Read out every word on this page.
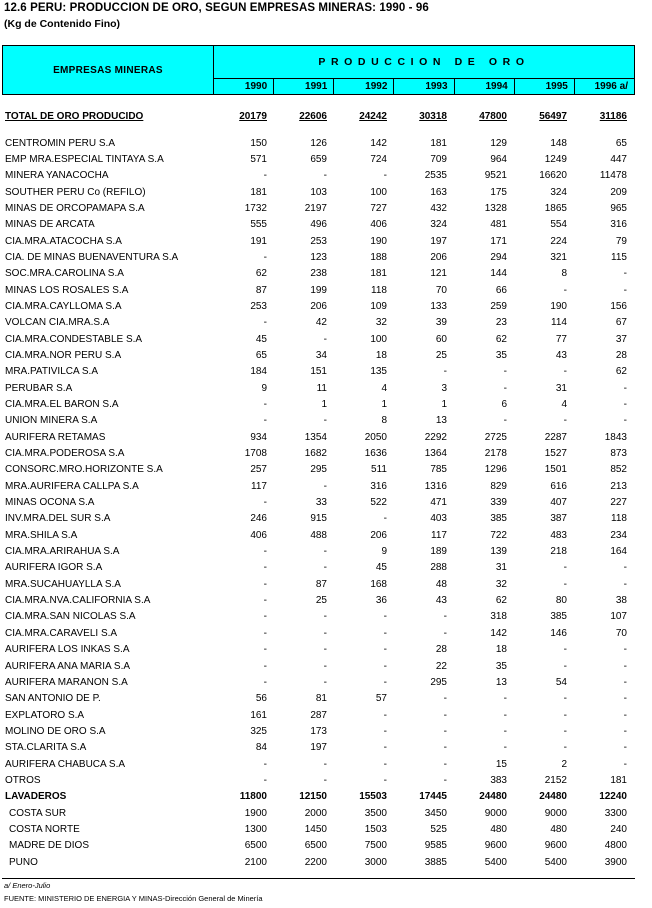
12.6 PERU: PRODUCCION DE ORO, SEGUN EMPRESAS MINERAS: 1990 - 96
(Kg de Contenido Fino)
EMPRESAS MINERAS
PRODUCCION DE ORO
1990	1991	1992	1993	1994	1995	1996 a/
TOTAL DE ORO PRODUCIDO	20179	22606	24242	30318	47800	56497	31186

CENTROMIN PERU S.A	150	126	142	181	129	148	65
EMP MRA.ESPECIAL TINTAYA S.A	571	659	724	709	964	1249	447
MINERA YANACOCHA	-	-	-	2535	9521	16620	11478
SOUTHER PERU Co (REFILO)	181	103	100	163	175	324	209
MINAS DE ORCOPAMAPA S.A	1732	2197	727	432	1328	1865	965
MINAS DE ARCATA	555	496	406	324	481	554	316
CIA.MRA.ATACOCHA S.A	191	253	190	197	171	224	79
CIA. DE MINAS BUENAVENTURA S.A	-	123	188	206	294	321	115
SOC.MRA.CAROLINA S.A	62	238	181	121	144	8	-
MINAS LOS ROSALES S.A	87	199	118	70	66	-	-
CIA.MRA.CAYLLOMA S.A	253	206	109	133	259	190	156
VOLCAN CIA.MRA.S.A	-	42	32	39	23	114	67
CIA.MRA.CONDESTABLE S.A	45	-	100	60	62	77	37
CIA.MRA.NOR PERU S.A	65	34	18	25	35	43	28
MRA.PATIVILCA S.A	184	151	135	-	-	-	62
PERUBAR S.A	9	11	4	3	-	31	-
CIA.MRA.EL BARON S.A	-	1	1	1	6	4	-
UNION MINERA S.A	-	-	8	13	-	-	-
AURIFERA RETAMAS	934	1354	2050	2292	2725	2287	1843
CIA.MRA.PODEROSA S.A	1708	1682	1636	1364	2178	1527	873
CONSORC.MRO.HORIZONTE S.A	257	295	511	785	1296	1501	852
MRA.AURIFERA CALLPA S.A	117	-	316	1316	829	616	213
MINAS OCONA S.A	-	33	522	471	339	407	227
INV.MRA.DEL SUR S.A	246	915	-	403	385	387	118
MRA.SHILA S.A	406	488	206	117	722	483	234
CIA.MRA.ARIRAHUA S.A	-	-	9	189	139	218	164
AURIFERA IGOR S.A	-	-	45	288	31	-	-
MRA.SUCAHUAYLLA S.A	-	87	168	48	32	-	-
CIA.MRA.NVA.CALIFORNIA S.A	-	25	36	43	62	80	38
CIA.MRA.SAN NICOLAS S.A	-	-	-	-	318	385	107
CIA.MRA.CARAVELI S.A	-	-	-	-	142	146	70
AURIFERA LOS INKAS S.A	-	-	-	28	18	-	-
AURIFERA ANA MARIA S.A	-	-	-	22	35	-	-
AURIFERA MARANON S.A	-	-	-	295	13	54	-
SAN ANTONIO DE P.	56	81	57	-	-	-	-
EXPLATORO S.A	161	287	-	-	-	-	-
MOLINO DE ORO S.A	325	173	-	-	-	-	-
STA.CLARITA S.A	84	197	-	-	-	-	-
AURIFERA CHABUCA S.A	-	-	-	-	15	2	-
OTROS	-	-	-	-	383	2152	181
LAVADEROS	11800	12150	15503	17445	24480	24480	12240
COSTA SUR	1900	2000	3500	3450	9000	9000	3300
COSTA NORTE	1300	1450	1503	525	480	480	240
MADRE DE DIOS	6500	6500	7500	9585	9600	9600	4800
PUNO	2100	2200	3000	3885	5400	5400	3900
a/ Enero-Julio
FUENTE: MINISTERIO DE ENERGIA Y MINAS-Dirección General de Minería
